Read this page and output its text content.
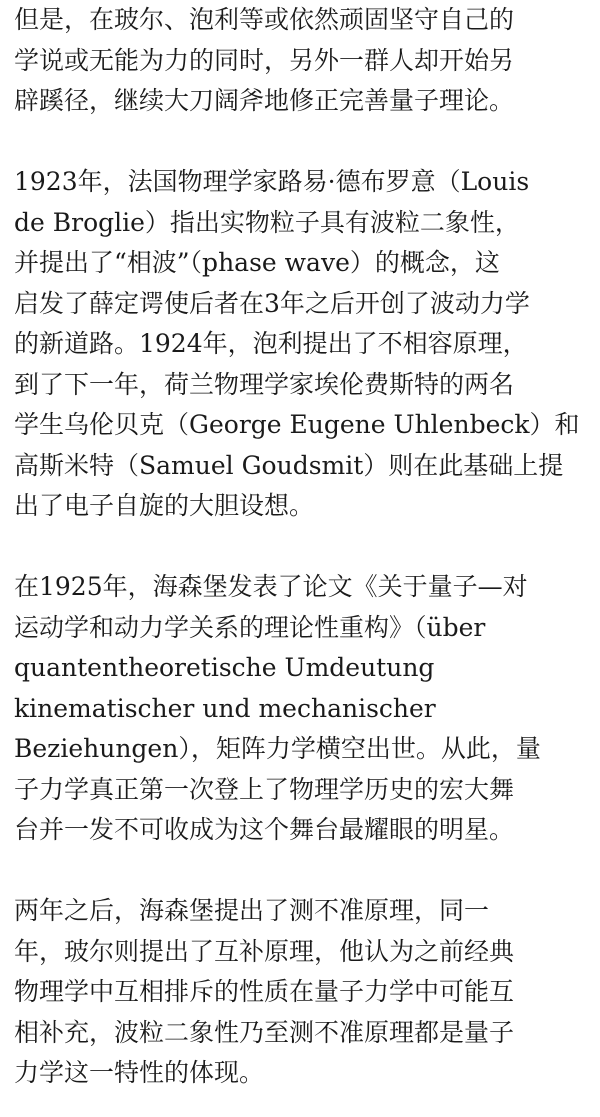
但是，在玻尔、泡利等或依然顽固坚守自己的
学说或无能为力的同时，另外一群人却开始另
辟蹊径，继续大刀阔斧地修正完善量子理论。
1923年，法国物理学家路易·德布罗意（Louis
de Broglie）指出实物粒子具有波粒二象性，
并提出了“相波”（phase wave）的概念，这
启发了薛定谔使后者在3年之后开创了波动力学
的新道路。1924年，泡利提出了不相容原理，
到了下一年，荷兰物理学家埃伦费斯特的两名
学生乌伦贝克（George Eugene Uhlenbeck）和
高斯米特（Samuel Goudsmit）则在此基础上提
出了电子自旋的大胆设想。
在1925年，海森堡发表了论文《关于量子—对
运动学和动力学关系的理论性重构》（über
quantentheoretische Umdeutung
kinematischer und mechanischer
Beziehungen），矩阵力学横空出世。从此，量
子力学真正第一次登上了物理学历史的宏大舞
台并一发不可收成为这个舞台最耀眼的明星。
两年之后，海森堡提出了测不准原理，同一
年，玻尔则提出了互补原理，他认为之前经典
物理学中互相排斥的性质在量子力学中可能互
相补充，波粒二象性乃至测不准原理都是量子
力学这一特性的体现。
